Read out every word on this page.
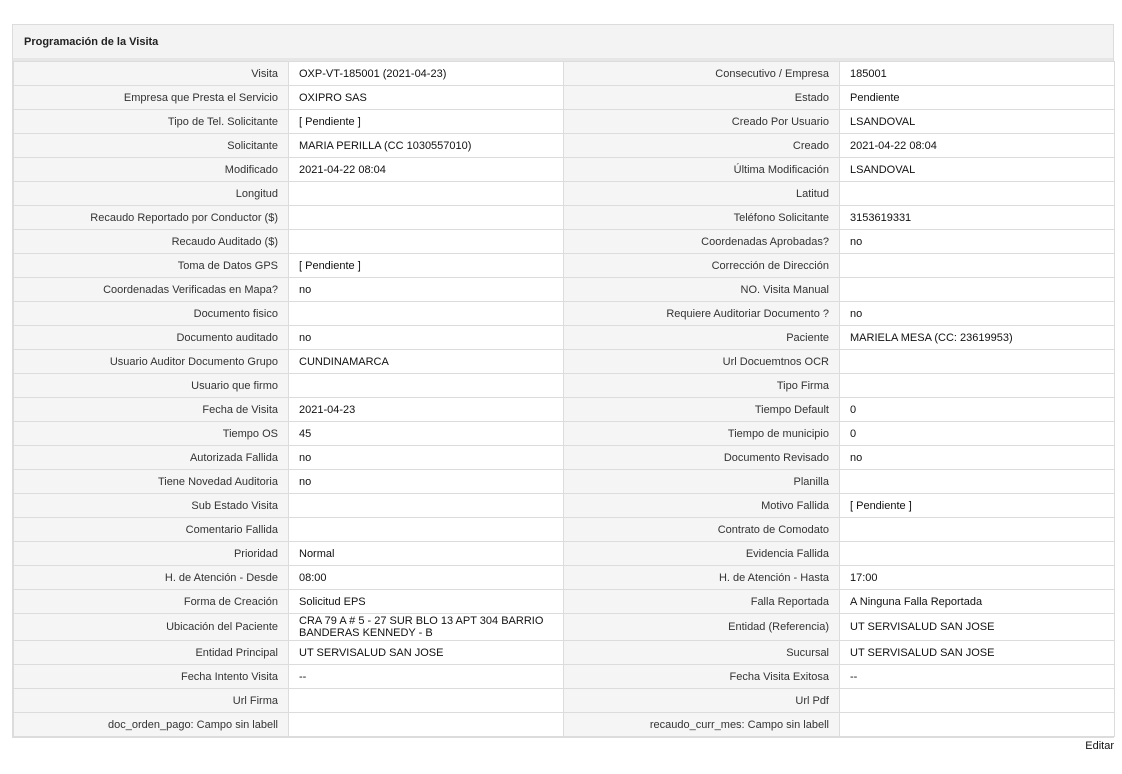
Programación de la Visita
Visita	OXP-VT-185001 (2021-04-23)	Consecutivo / Empresa	185001
Empresa que Presta el Servicio	OXIPRO SAS	Estado	Pendiente
Tipo de Tel. Solicitante	[ Pendiente ]	Creado Por Usuario	LSANDOVAL
Solicitante	MARIA PERILLA (CC 1030557010)	Creado	2021-04-22 08:04
Modificado	2021-04-22 08:04	Última Modificación	LSANDOVAL
Longitud		Latitud	
Recaudo Reportado por Conductor ($)		Teléfono Solicitante	3153619331
Recaudo Auditado ($)		Coordenadas Aprobadas?	no
Toma de Datos GPS	[ Pendiente ]	Corrección de Dirección	
Coordenadas Verificadas en Mapa?	no	NO. Visita Manual	
Documento fisico		Requiere Auditoriar Documento ?	no
Documento auditado	no	Paciente	MARIELA MESA (CC: 23619953)
Usuario Auditor Documento Grupo	CUNDINAMARCA	Url Docuemtnos OCR	
Usuario que firmo		Tipo Firma	
Fecha de Visita	2021-04-23	Tiempo Default	0
Tiempo OS	45	Tiempo de municipio	0
Autorizada Fallida	no	Documento Revisado	no
Tiene Novedad Auditoria	no	Planilla	
Sub Estado Visita		Motivo Fallida	[ Pendiente ]
Comentario Fallida		Contrato de Comodato	
Prioridad	Normal	Evidencia Fallida	
H. de Atención - Desde	08:00	H. de Atención - Hasta	17:00
Forma de Creación	Solicitud EPS	Falla Reportada	A Ninguna Falla Reportada
Ubicación del Paciente	CRA 79 A # 5 - 27 SUR BLO 13 APT 304 BARRIO BANDERAS KENNEDY - B	Entidad (Referencia)	UT SERVISALUD SAN JOSE
Entidad Principal	UT SERVISALUD SAN JOSE	Sucursal	UT SERVISALUD SAN JOSE
Fecha Intento Visita	--	Fecha Visita Exitosa	--
Url Firma		Url Pdf	
doc_orden_pago: Campo sin labell		recaudo_curr_mes: Campo sin labell	
Editar
